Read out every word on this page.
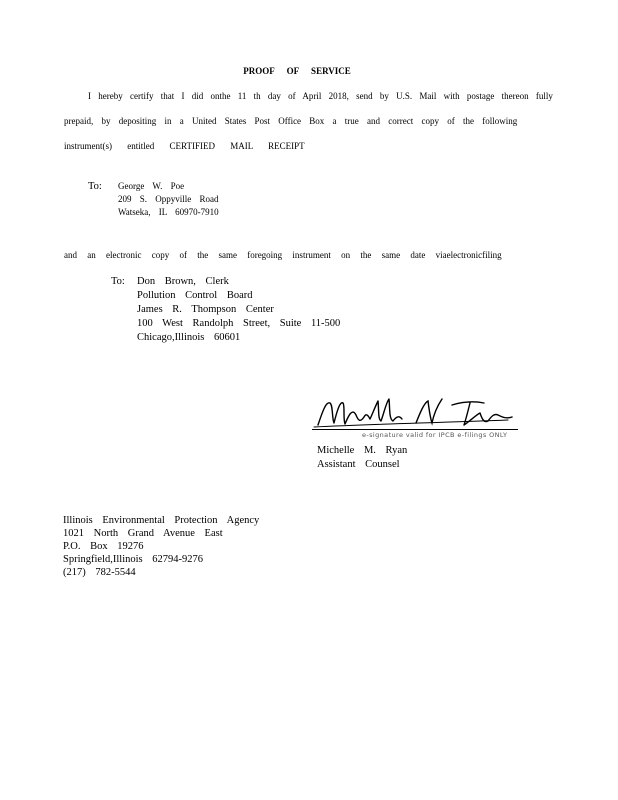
PROOF OF SERVICE
I hereby certify that I did onthe 11 th day of April 2018, send by U.S. Mail with postage thereon fully
prepaid, by depositing in a United States Post Office Box a true and correct copy of the following
instrument(s) entitled CERTIFIED MAIL RECEIPT
To: George W. Poe
209 S. Oppyville Road
Watseka, IL 60970-7910
and an electronic copy of the same foregoing instrument on the same date viaelectronicfiling
To: Don Brown, Clerk
Pollution Control Board
James R. Thompson Center
100 West Randolph Street, Suite 11-500
Chicago,Illinois 60601
e-signature valid for IPCB e-filings ONLY
Michelle M. Ryan
Assistant Counsel
Illinois Environmental Protection Agency
1021 North Grand Avenue East
P.O. Box 19276
Springfield,Illinois 62794-9276
(217) 782-5544
